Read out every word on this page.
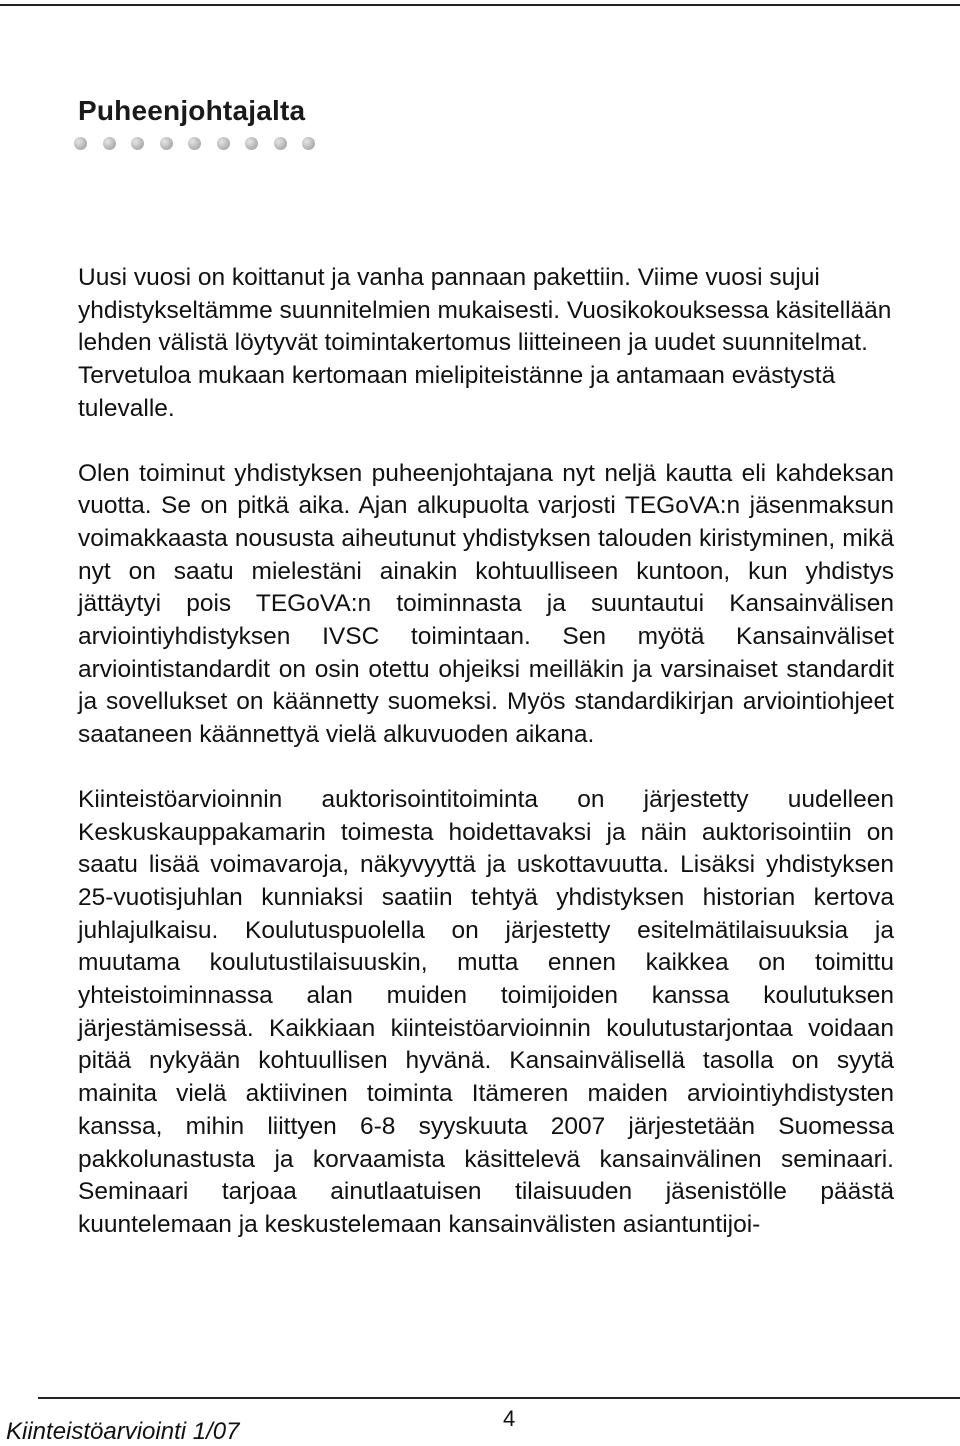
Puheenjohtajalta

Uusi vuosi on koittanut ja vanha pannaan pakettiin. Viime vuosi sujui yhdistykseltämme suunnitelmien mukaisesti. Vuosikokouksessa käsitellään lehden välistä löytyvät toimintakertomus liitteineen ja uudet suunnitelmat. Tervetuloa mukaan kertomaan mielipiteistänne ja antamaan evästystä tulevalle.

Olen toiminut yhdistyksen puheenjohtajana nyt neljä kautta eli kahdeksan vuotta. Se on pitkä aika. Ajan alkupuolta varjosti TEGoVA:n jäsenmaksun voimakkaasta noususta aiheutunut yhdistyksen talouden kiristyminen, mikä nyt on saatu mielestäni ainakin kohtuulliseen kuntoon, kun yhdistys jättäytyi pois TEGoVA:n toiminnasta ja suuntautui Kansainvälisen arviointiyhdistyksen IVSC toimintaan. Sen myötä Kansainväliset arviointistandardit on osin otettu ohjeiksi meilläkin ja varsinaiset standardit ja sovellukset on käännetty suomeksi. Myös standardikirjan arviointiohjeet saataneen käännettyä vielä alkuvuoden aikana.

Kiinteistöarvioinnin auktorisointitoiminta on järjestetty uudelleen Keskuskauppakamarin toimesta hoidettavaksi ja näin auktorisointiin on saatu lisää voimavaroja, näkyvyyttä ja uskottavuutta. Lisäksi yhdistyksen 25-vuotisjuhlan kunniaksi saatiin tehtyä yhdistyksen historian kertova juhlajulkaisu. Koulutuspuolella on järjestetty esitelmätilaisuuksia ja muutama koulutustilaisuuskin, mutta ennen kaikkea on toimittu yhteistoiminnassa alan muiden toimijoiden kanssa koulutuksen järjestämisessä. Kaikkiaan kiinteistöarvioinnin koulutustarjontaa voidaan pitää nykyään kohtuullisen hyvänä. Kansainvälisellä tasolla on syytä mainita vielä aktiivinen toiminta Itämeren maiden arviointiyhdistysten kanssa, mihin liittyen 6-8 syyskuuta 2007 järjestetään Suomessa pakkolunastusta ja korvaamista käsittelevä kansainvälinen seminaari. Seminaari tarjoaa ainutlaatuisen tilaisuuden jäsenistölle päästä kuuntelemaan ja keskustelemaan kansainvälisten asiantuntijoi-

Kiinteistöarviointi 1/07	4
